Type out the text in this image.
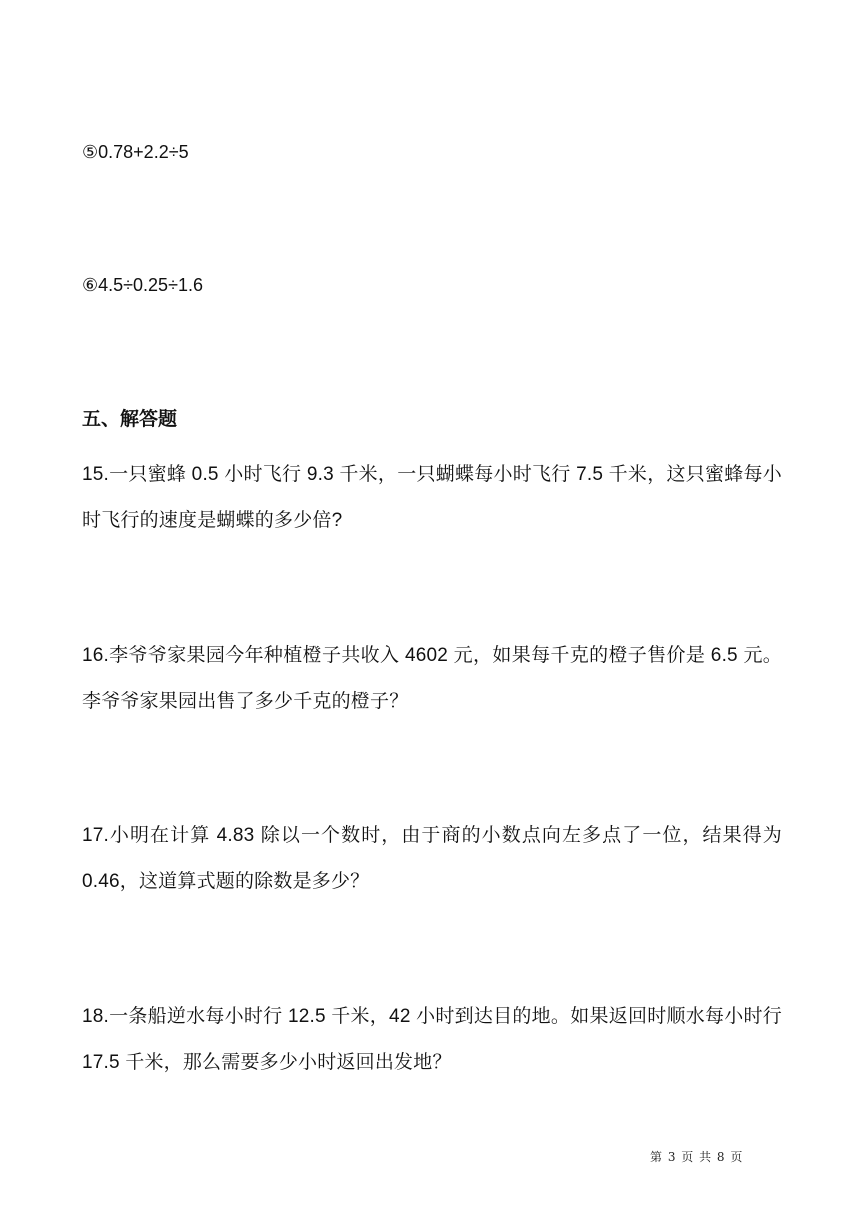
⑤0.78+2.2÷5
⑥4.5÷0.25÷1.6
五、解答题
15.一只蜜蜂 0.5 小时飞行 9.3 千米，一只蝴蝶每小时飞行 7.5 千米，这只蜜蜂每小时飞行的速度是蝴蝶的多少倍?
16.李爷爷家果园今年种植橙子共收入 4602 元，如果每千克的橙子售价是 6.5 元。李爷爷家果园出售了多少千克的橙子？
17.小明在计算 4.83 除以一个数时，由于商的小数点向左多点了一位，结果得为 0.46，这道算式题的除数是多少？
18.一条船逆水每小时行 12.5 千米，42 小时到达目的地。如果返回时顺水每小时行 17.5 千米，那么需要多少小时返回出发地？
第 3 页 共 8 页
